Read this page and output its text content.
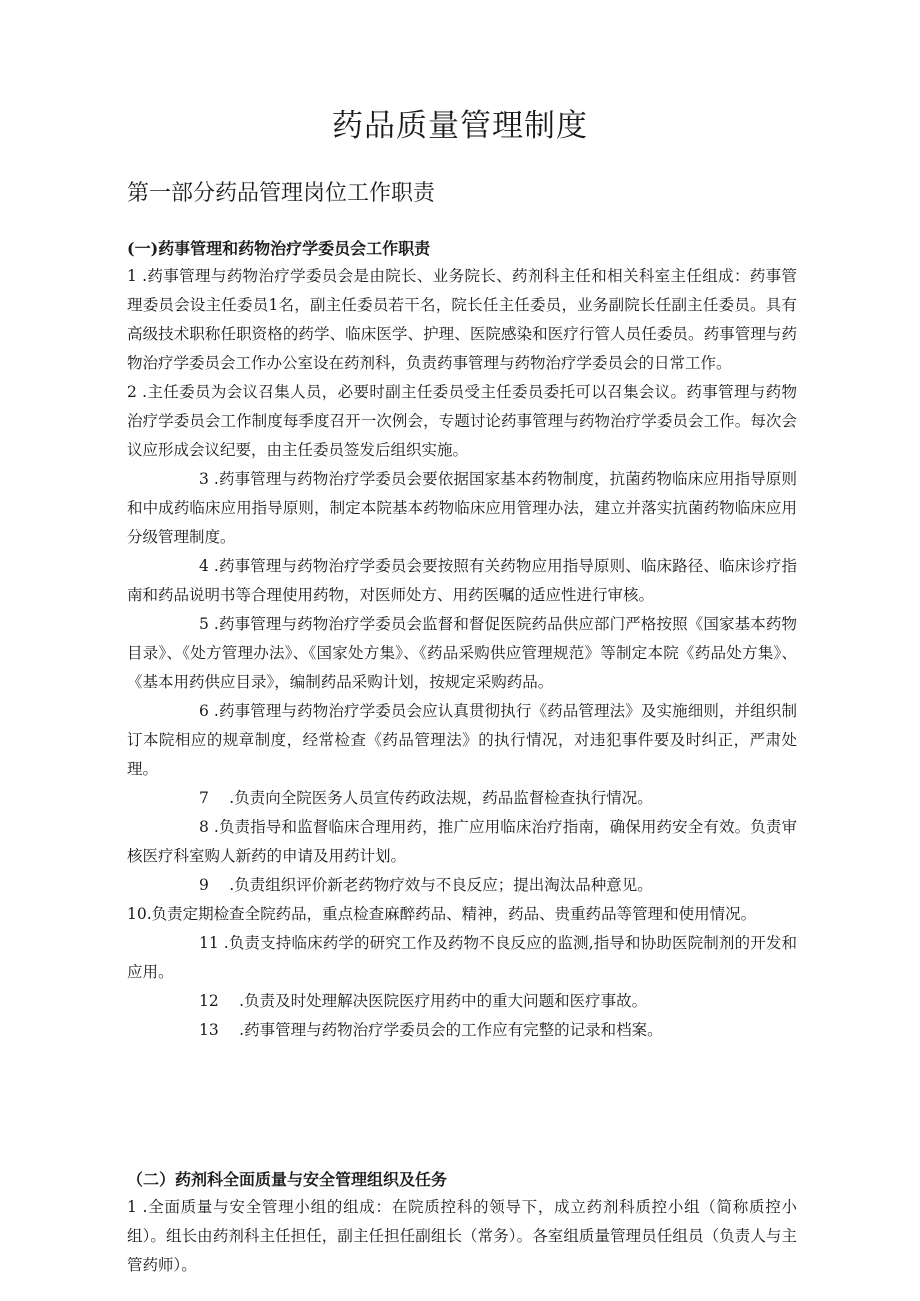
药品质量管理制度
第一部分药品管理岗位工作职责
(一)药事管理和药物治疗学委员会工作职责

1 .药事管理与药物治疗学委员会是由院长、业务院长、药剂科主任和相关科室主任组成：药事管理委员会设主任委员1名，副主任委员若干名，院长任主任委员，业务副院长任副主任委员。具有高级技术职称任职资格的药学、临床医学、护理、医院感染和医疗行管人员任委员。药事管理与药物治疗学委员会工作办公室设在药剂科，负责药事管理与药物治疗学委员会的日常工作。

2 .主任委员为会议召集人员，必要时副主任委员受主任委员委托可以召集会议。药事管理与药物治疗学委员会工作制度每季度召开一次例会，专题讨论药事管理与药物治疗学委员会工作。每次会议应形成会议纪要，由主任委员签发后组织实施。

3 .药事管理与药物治疗学委员会要依据国家基本药物制度，抗菌药物临床应用指导原则和中成药临床应用指导原则，制定本院基本药物临床应用管理办法，建立并落实抗菌药物临床应用分级管理制度。

4 .药事管理与药物治疗学委员会要按照有关药物应用指导原则、临床路径、临床诊疗指南和药品说明书等合理使用药物，对医师处方、用药医嘱的适应性进行审核。

5 .药事管理与药物治疗学委员会监督和督促医院药品供应部门严格按照《国家基本药物目录》、《处方管理办法》、《国家处方集》、《药品采购供应管理规范》等制定本院《药品处方集》、《基本用药供应目录》，编制药品采购计划，按规定采购药品。

6 .药事管理与药物治疗学委员会应认真贯彻执行《药品管理法》及实施细则，并组织制订本院相应的规章制度，经常检查《药品管理法》的执行情况，对违犯事件要及时纠正，严肃处理。

7　 .负责向全院医务人员宣传药政法规，药品监督检查执行情况。

8 .负责指导和监督临床合理用药，推广应用临床治疗指南，确保用药安全有效。负责审核医疗科室购人新药的申请及用药计划。

9　 .负责组织评价新老药物疗效与不良反应；提出淘汰品种意见。

10.负责定期检查全院药品，重点检查麻醉药品、精神，药品、贵重药品等管理和使用情况。

11 .负责支持临床药学的研究工作及药物不良反应的监测,指导和协助医院制剂的开发和应用。

12　 .负责及时处理解决医院医疗用药中的重大问题和医疗事故。

13　 .药事管理与药物治疗学委员会的工作应有完整的记录和档案。

（二）药剂科全面质量与安全管理组织及任务

1 .全面质量与安全管理小组的组成：在院质控科的领导下，成立药剂科质控小组（简称质控小组）。组长由药剂科主任担任，副主任担任副组长（常务）。各室组质量管理员任组员（负责人与主管药师）。
